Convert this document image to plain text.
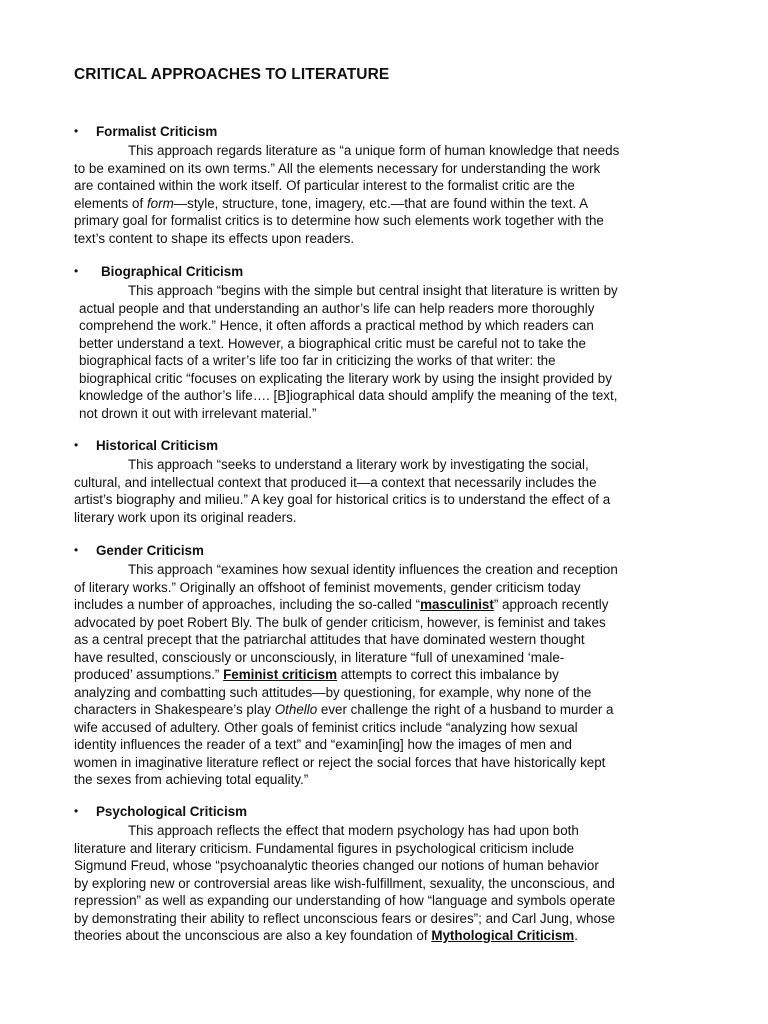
CRITICAL APPROACHES TO LITERATURE
• Formalist Criticism

This approach regards literature as “a unique form of human knowledge that needs
to be examined on its own terms.” All the elements necessary for understanding the work
are contained within the work itself. Of particular interest to the formalist critic are the
elements of form—style, structure, tone, imagery, etc.—that are found within the text. A
primary goal for formalist critics is to determine how such elements work together with the
text’s content to shape its effects upon readers.

• Biographical Criticism

This approach “begins with the simple but central insight that literature is written by
actual people and that understanding an author’s life can help readers more thoroughly
comprehend the work.” Hence, it often affords a practical method by which readers can
better understand a text. However, a biographical critic must be careful not to take the
biographical facts of a writer’s life too far in criticizing the works of that writer: the
biographical critic “focuses on explicating the literary work by using the insight provided by
knowledge of the author’s life…. [B]iographical data should amplify the meaning of the text,
not drown it out with irrelevant material.”

• Historical Criticism

This approach “seeks to understand a literary work by investigating the social,
cultural, and intellectual context that produced it—a context that necessarily includes the
artist’s biography and milieu.” A key goal for historical critics is to understand the effect of a
literary work upon its original readers.

• Gender Criticism

This approach “examines how sexual identity influences the creation and reception
of literary works.” Originally an offshoot of feminist movements, gender criticism today
includes a number of approaches, including the so-called “masculinist” approach recently
advocated by poet Robert Bly. The bulk of gender criticism, however, is feminist and takes
as a central precept that the patriarchal attitudes that have dominated western thought
have resulted, consciously or unconsciously, in literature “full of unexamined ‘male-
produced’ assumptions.” Feminist criticism attempts to correct this imbalance by
analyzing and combatting such attitudes—by questioning, for example, why none of the
characters in Shakespeare’s play Othello ever challenge the right of a husband to murder a
wife accused of adultery. Other goals of feminist critics include “analyzing how sexual
identity influences the reader of a text” and “examin[ing] how the images of men and
women in imaginative literature reflect or reject the social forces that have historically kept
the sexes from achieving total equality.”

• Psychological Criticism

This approach reflects the effect that modern psychology has had upon both
literature and literary criticism. Fundamental figures in psychological criticism include
Sigmund Freud, whose “psychoanalytic theories changed our notions of human behavior
by exploring new or controversial areas like wish-fulfillment, sexuality, the unconscious, and
repression” as well as expanding our understanding of how “language and symbols operate
by demonstrating their ability to reflect unconscious fears or desires”; and Carl Jung, whose
theories about the unconscious are also a key foundation of Mythological Criticism.
